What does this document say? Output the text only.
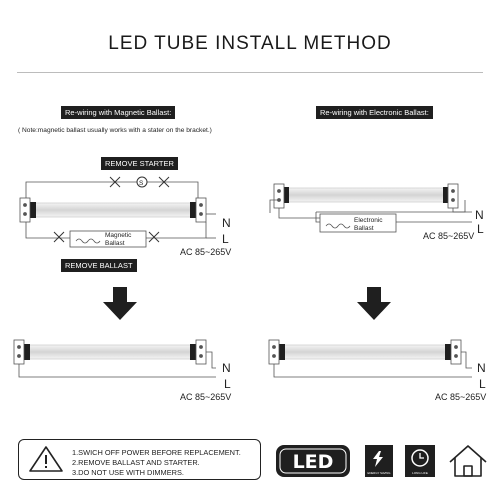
LED TUBE INSTALL METHOD
Re-wiring with Magnetic Ballast:
( Note:magnetic ballast usually works with a stater on the bracket.)
REMOVE STARTER
REMOVE BALLAST
N
L
AC 85~265V
N
L
AC 85~265V
Re-wiring with Electronic Ballast:
N
L
AC 85~265V
N
L
AC 85~265V
Magnetic
Ballast
S
Electronic
Ballast
LED	ENERGY SAVING	LONG LIFE
1.SWICH OFF POWER BEFORE REPLACEMENT.
2.REMOVE BALLAST AND STARTER.
3.DO NOT USE WITH DIMMERS.
